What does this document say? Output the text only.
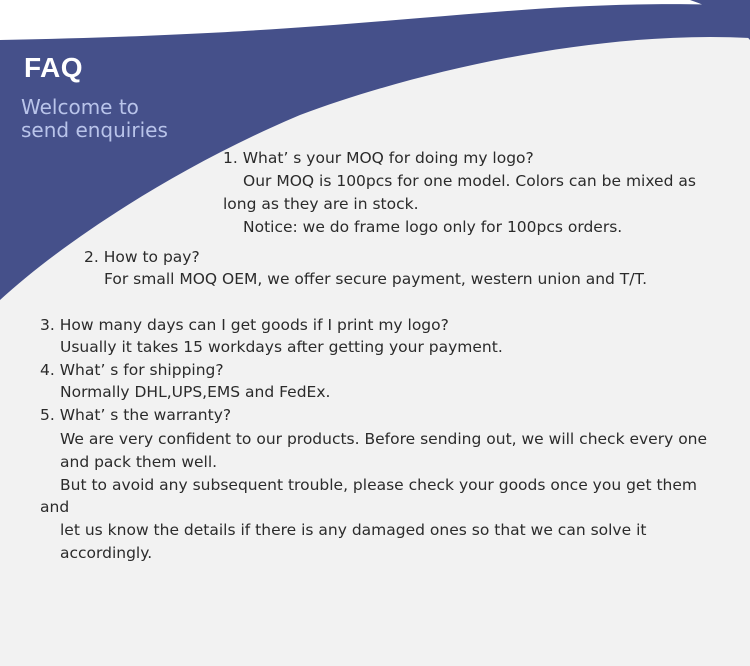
FAQ
Welcome to
send enquiries

1. What’ s your MOQ for doing my logo?

Our MOQ is 100pcs for one model. Colors can be mixed as

long as they are in stock.

Notice: we do frame logo only for 100pcs orders.

2. How to pay?

For small MOQ OEM, we offer secure payment, western union and T/T.

3. How many days can I get goods if I print my logo?

Usually it takes 15 workdays after getting your payment.

4. What’ s for shipping?

Normally DHL,UPS,EMS and FedEx.

5. What’ s the warranty?

We are very confident to our products. Before sending out, we will check every one

and pack them well.

But to avoid any subsequent trouble, please check your goods once you get them

and

let us know the details if there is any damaged ones so that we can solve it

accordingly.
